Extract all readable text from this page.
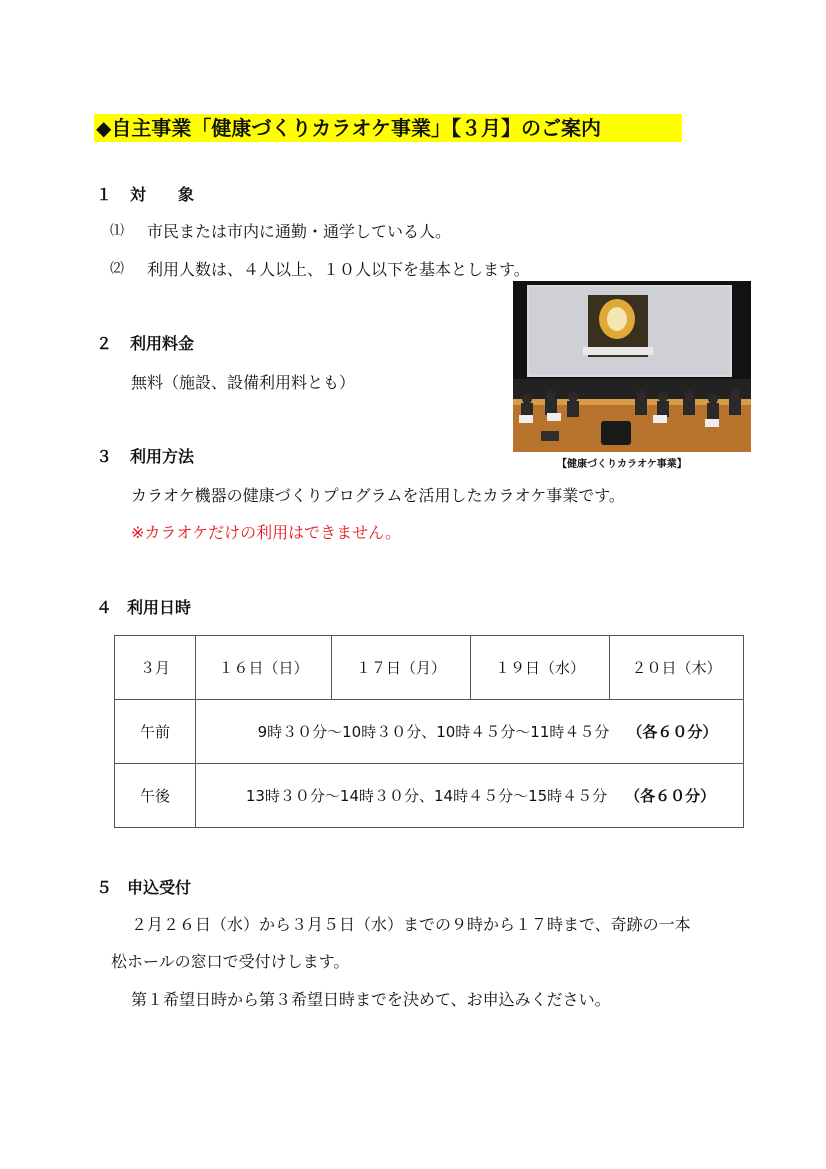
◆自主事業「健康づくりカラオケ事業」【３月】のご案内
１ 対　　象
⑴ 市民または市内に通勤・通学している人。
⑵ 利用人数は、４人以上、１０人以下を基本とします。
２ 利用料金
無料（施設、設備利用料とも）
【健康づくりカラオケ事業】
３ 利用方法
カラオケ機器の健康づくりプログラムを活用したカラオケ事業です。
※カラオケだけの利用はできません。
４ 利用日時
３月	１６日（日）	１７日（月）	１９日（水）	２０日（木）
午前	9時３０分～10時３０分、10時４５分～11時４５分 （各６０分）			
午後	13時３０分～14時３０分、14時４５分～15時４５分 （各６０分）			
５ 申込受付
２月２６日（水）から３月５日（水）までの９時から１７時まで、奇跡の一本
松ホールの窓口で受付けします。
第１希望日時から第３希望日時までを決めて、お申込みください。
